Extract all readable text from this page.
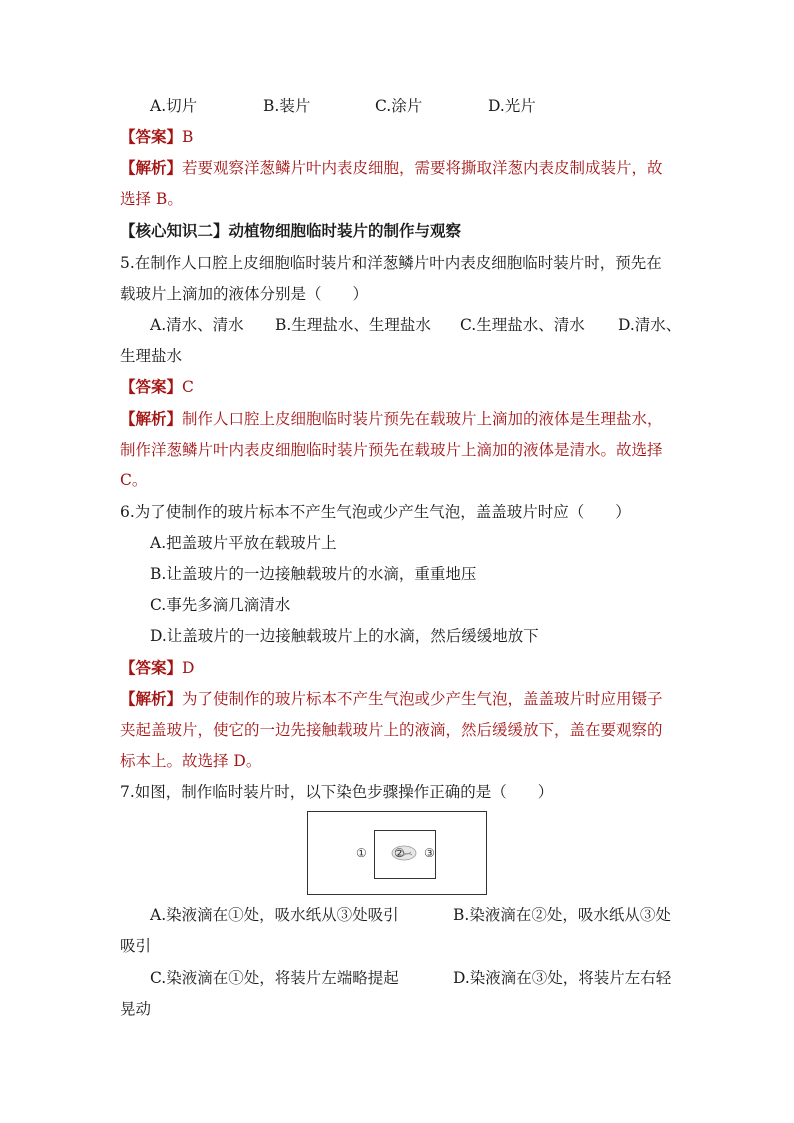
A.切片	B.装片	C.涂片	D.光片
【答案】B
【解析】若要观察洋葱鳞片叶内表皮细胞，需要将撕取洋葱内表皮制成装片，故
选择 B。
【核心知识二】动植物细胞临时装片的制作与观察
5.在制作人口腔上皮细胞临时装片和洋葱鳞片叶内表皮细胞临时装片时，预先在
载玻片上滴加的液体分别是（　　）
A.清水、清水 B.生理盐水、生理盐水 C.生理盐水、清水 D.清水、
生理盐水
【答案】C
【解析】制作人口腔上皮细胞临时装片预先在载玻片上滴加的液体是生理盐水，
制作洋葱鳞片叶内表皮细胞临时装片预先在载玻片上滴加的液体是清水。故选择
C。
6.为了使制作的玻片标本不产生气泡或少产生气泡，盖盖玻片时应（　　）
A.把盖玻片平放在载玻片上
B.让盖玻片的一边接触载玻片的水滴，重重地压
C.事先多滴几滴清水
D.让盖玻片的一边接触载玻片上的水滴，然后缓缓地放下
【答案】D
【解析】为了使制作的玻片标本不产生气泡或少产生气泡，盖盖玻片时应用镊子
夹起盖玻片，使它的一边先接触载玻片上的液滴，然后缓缓放下，盖在要观察的
标本上。故选择 D。
7.如图，制作临时装片时，以下染色步骤操作正确的是（　　）
① ② ③
A.染液滴在①处，吸水纸从③处吸引	B.染液滴在②处，吸水纸从③处
吸引
C.染液滴在①处，将装片左端略提起	D.染液滴在③处，将装片左右轻
晃动
